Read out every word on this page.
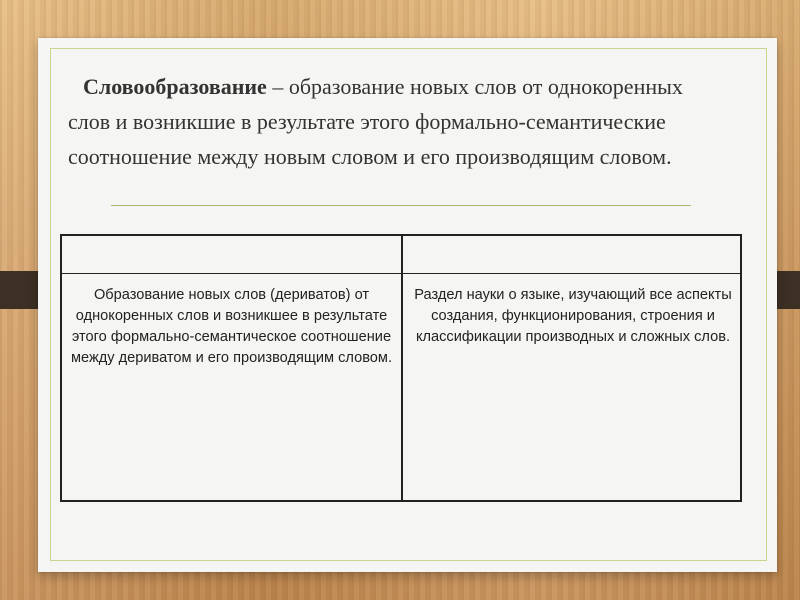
Словообразование – образование новых слов от однокоренных слов и возникшие в результате этого формально-семантические соотношение между новым словом и его производящим словом.

Образование новых слов (дериватов) от однокоренных слов и возникшее в результате этого формально-семантическое соотношение между дериватом и его производящим словом.
Раздел науки о языке, изучающий все аспекты создания, функционирования, строения и классификации производных и сложных слов.
